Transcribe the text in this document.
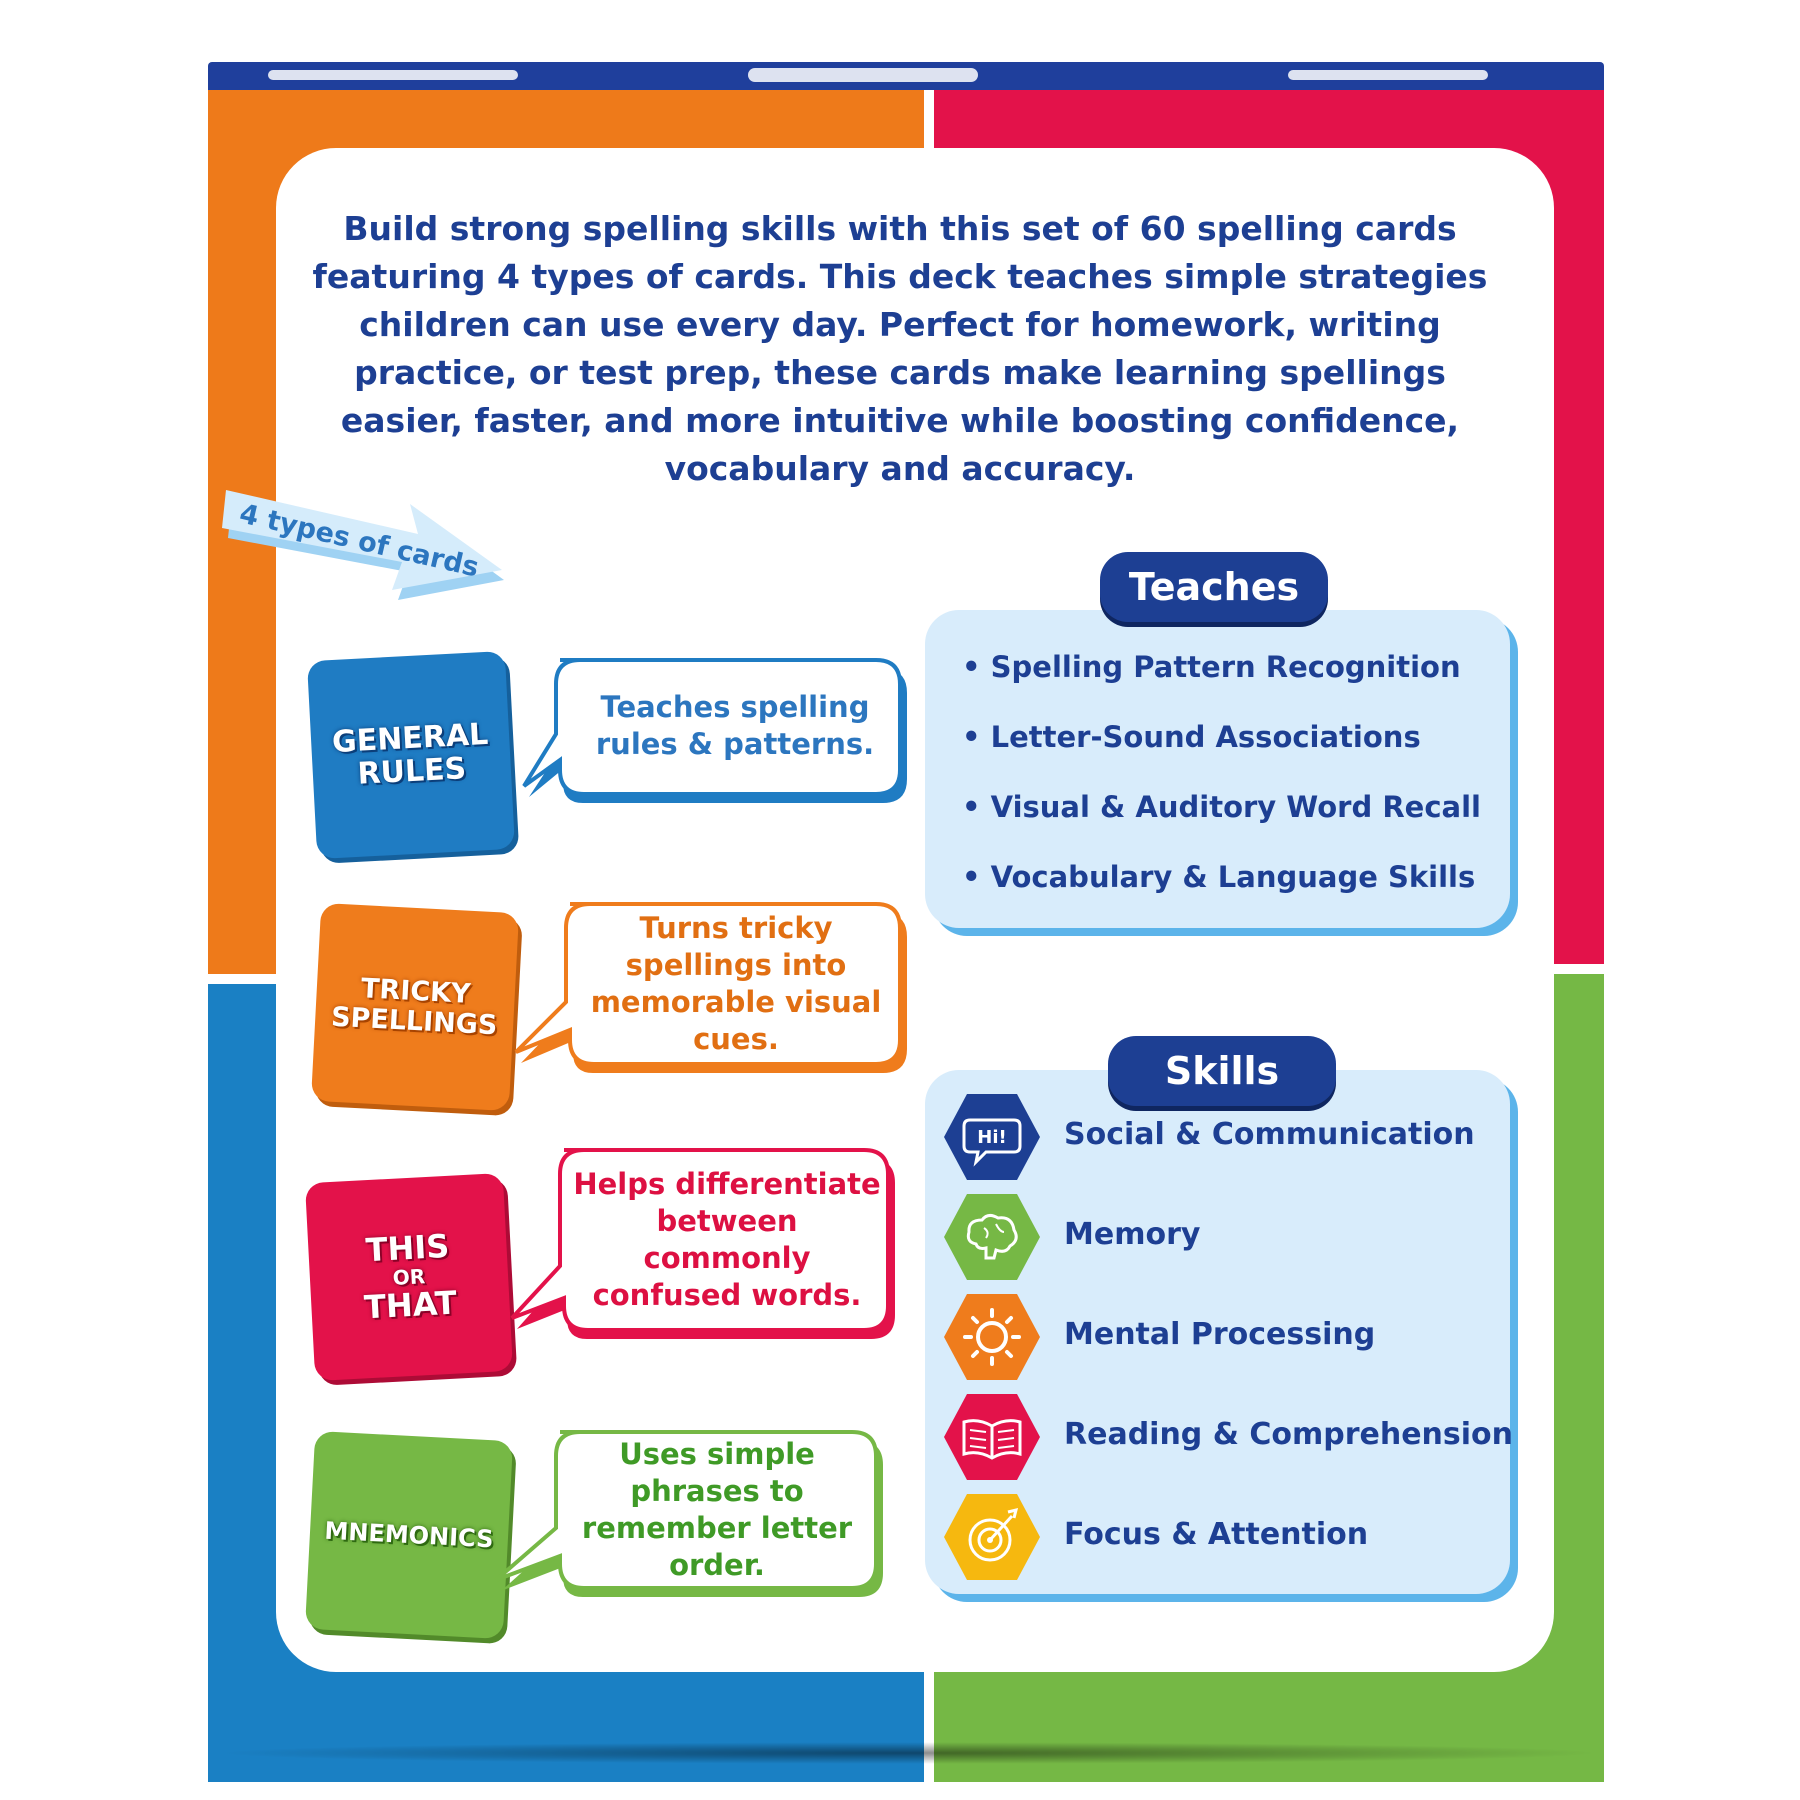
Build strong spelling skills with this set of 60 spelling cards featuring 4 types of cards. This deck teaches simple strategies children can use every day. Perfect for homework, writing practice, or test prep, these cards make learning spellings easier, faster, and more intuitive while boosting confidence, vocabulary and accuracy.

4 types of cards
GENERAL
RULES
Teaches spelling rules & patterns.
TRICKY
SPELLINGS
Turns tricky spellings into memorable visual cues.
THIS
OR
THAT
Helps differentiate between commonly confused words.
MNEMONICS
Uses simple phrases to remember letter order.
Teaches
• Spelling Pattern Recognition
• Letter-Sound Associations
• Visual & Auditory Word Recall
• Vocabulary & Language Skills
Skills
Hi! Social & Communication
Memory
Mental Processing
Reading & Comprehension
Focus & Attention
